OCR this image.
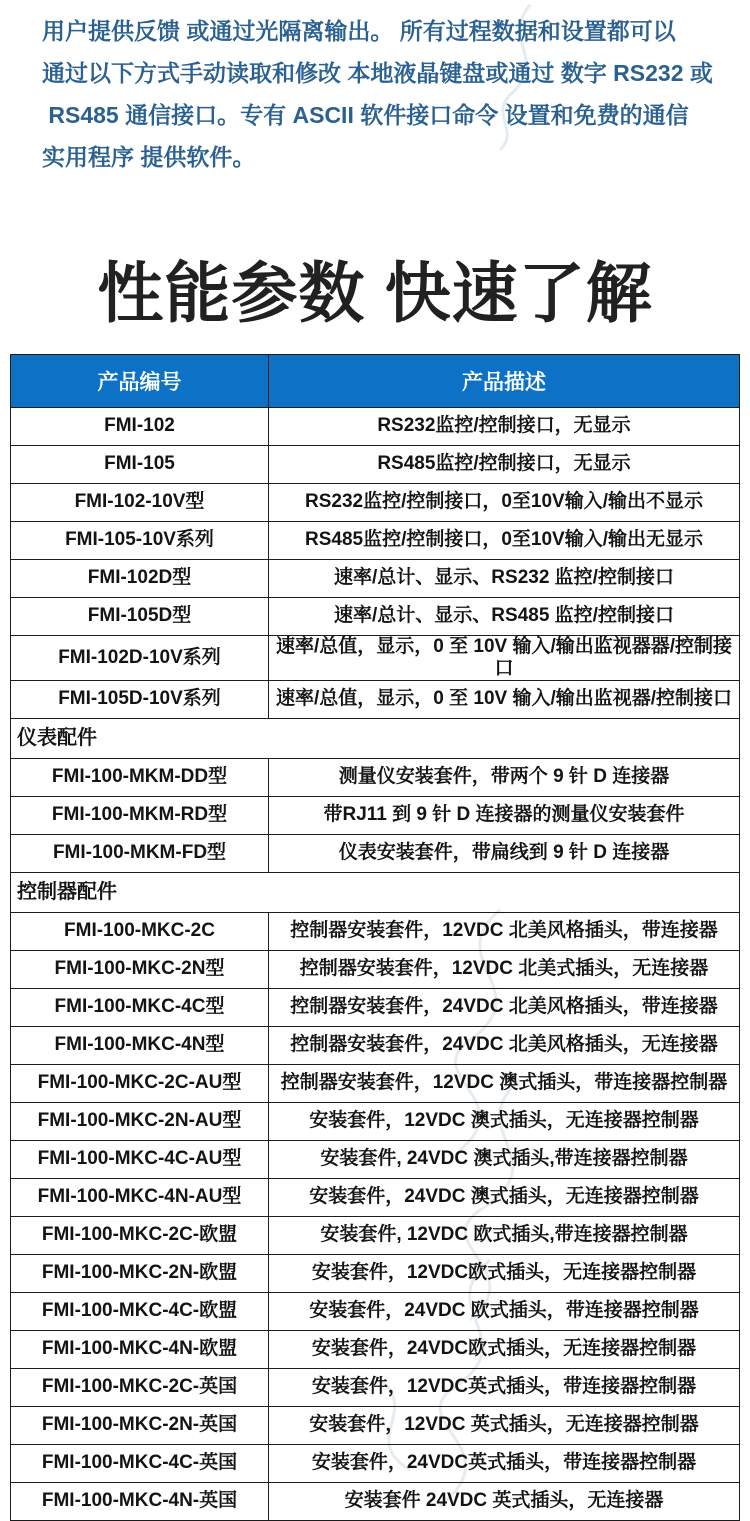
用户提供反馈 或通过光隔离输出。 所有过程数据和设置都可以
通过以下方式手动读取和修改 本地液晶键盘或通过 数字 RS232 或
RS485 通信接口。专有 ASCII 软件接口命令 设置和免费的通信
实用程序 提供软件。
性能参数 快速了解
产品编号	产品描述
FMI-102	RS232监控/控制接口，无显示
FMI-105	RS485监控/控制接口，无显示
FMI-102-10V型	RS232监控/控制接口，0至10V输入/输出不显示
FMI-105-10V系列	RS485监控/控制接口，0至10V输入/输出无显示
FMI-102D型	速率/总计、显示、RS232 监控/控制接口
FMI-105D型	速率/总计、显示、RS485 监控/控制接口
FMI-102D-10V系列	速率/总值，显示，0 至 10V 输入/输出监视器器/控制接口
FMI-105D-10V系列	速率/总值，显示，0 至 10V 输入/输出监视器/控制接口
仪表配件	
FMI-100-MKM-DD型	测量仪安装套件，带两个 9 针 D 连接器
FMI-100-MKM-RD型	带RJ11 到 9 针 D 连接器的测量仪安装套件
FMI-100-MKM-FD型	仪表安装套件，带扁线到 9 针 D 连接器
控制器配件	
FMI-100-MKC-2C	控制器安装套件，12VDC 北美风格插头，带连接器
FMI-100-MKC-2N型	控制器安装套件，12VDC 北美式插头，无连接器
FMI-100-MKC-4C型	控制器安装套件，24VDC 北美风格插头，带连接器
FMI-100-MKC-4N型	控制器安装套件，24VDC 北美风格插头，无连接器
FMI-100-MKC-2C-AU型	控制器安装套件，12VDC 澳式插头，带连接器控制器
FMI-100-MKC-2N-AU型	安装套件，12VDC 澳式插头，无连接器控制器
FMI-100-MKC-4C-AU型	安装套件, 24VDC 澳式插头,带连接器控制器
FMI-100-MKC-4N-AU型	安装套件，24VDC 澳式插头，无连接器控制器
FMI-100-MKC-2C-欧盟	安装套件, 12VDC 欧式插头,带连接器控制器
FMI-100-MKC-2N-欧盟	安装套件，12VDC欧式插头，无连接器控制器
FMI-100-MKC-4C-欧盟	安装套件，24VDC 欧式插头，带连接器控制器
FMI-100-MKC-4N-欧盟	安装套件，24VDC欧式插头，无连接器控制器
FMI-100-MKC-2C-英国	安装套件，12VDC英式插头，带连接器控制器
FMI-100-MKC-2N-英国	安装套件，12VDC 英式插头，无连接器控制器
FMI-100-MKC-4C-英国	安装套件，24VDC英式插头，带连接器控制器
FMI-100-MKC-4N-英国	安装套件 24VDC 英式插头，无连接器
